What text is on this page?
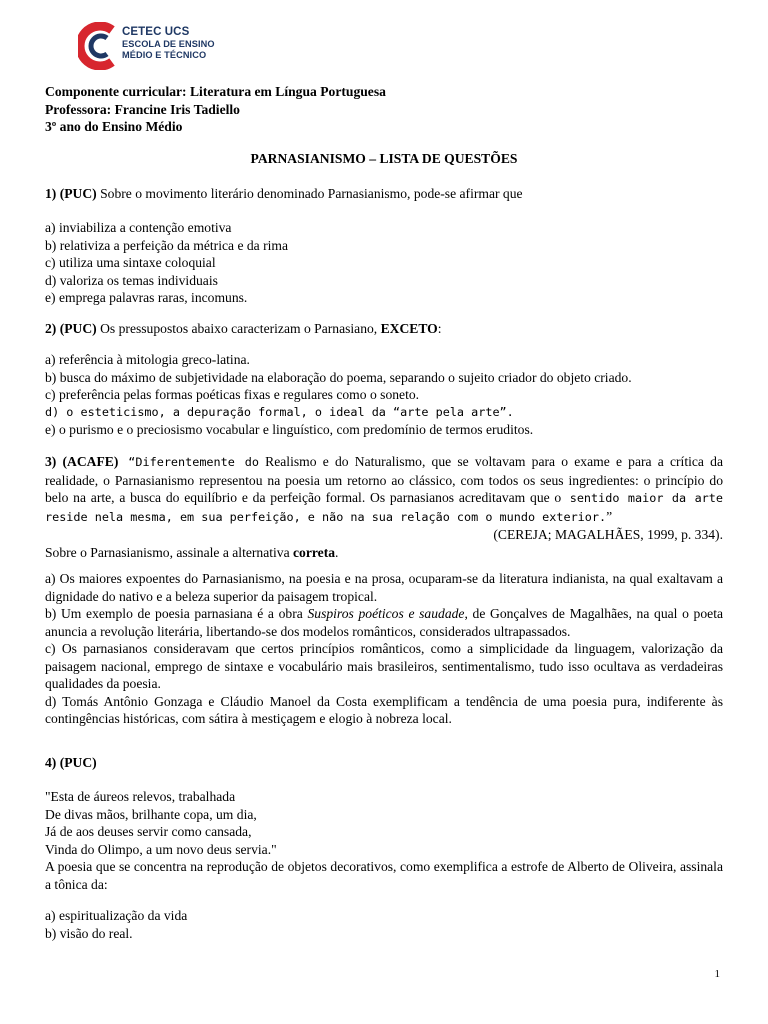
CETEC UCS
ESCOLA DE ENSINO
MÉDIO E TÉCNICO

Componente curricular: Literatura em Língua Portuguesa

Professora: Francine Iris Tadiello

3º ano do Ensino Médio

PARNASIANISMO – LISTA DE QUESTÕES

1) (PUC) Sobre o movimento literário denominado Parnasianismo, pode-se afirmar que

a) inviabiliza a contenção emotiva

b) relativiza a perfeição da métrica e da rima

c) utiliza uma sintaxe coloquial

d) valoriza os temas individuais

e) emprega palavras raras, incomuns.

2) (PUC) Os pressupostos abaixo caracterizam o Parnasiano, EXCETO:

a) referência à mitologia greco-latina.

b) busca do máximo de subjetividade na elaboração do poema, separando o sujeito criador do objeto criado.

c) preferência pelas formas poéticas fixas e regulares como o soneto.

d) o esteticismo, a depuração formal, o ideal da “arte pela arte”.

e) o purismo e o preciosismo vocabular e linguístico, com predomínio de termos eruditos.

3) (ACAFE) “Diferentemente do Realismo e do Naturalismo, que se voltavam para o exame e para a crítica da realidade, o Parnasianismo representou na poesia um retorno ao clássico, com todos os seus ingredientes: o princípio do belo na arte, a busca do equilíbrio e da perfeição formal. Os parnasianos acreditavam que o sentido maior da arte reside nela mesma, em sua perfeição, e não na sua relação com o mundo exterior.”

(CEREJA; MAGALHÃES, 1999, p. 334).

Sobre o Parnasianismo, assinale a alternativa correta.

a) Os maiores expoentes do Parnasianismo, na poesia e na prosa, ocuparam-se da literatura indianista, na qual exaltavam a dignidade do nativo e a beleza superior da paisagem tropical.

b) Um exemplo de poesia parnasiana é a obra Suspiros poéticos e saudade, de Gonçalves de Magalhães, na qual o poeta anuncia a revolução literária, libertando-se dos modelos românticos, considerados ultrapassados.

c) Os parnasianos consideravam que certos princípios românticos, como a simplicidade da linguagem, valorização da paisagem nacional, emprego de sintaxe e vocabulário mais brasileiros, sentimentalismo, tudo isso ocultava as verdadeiras qualidades da poesia.

d) Tomás Antônio Gonzaga e Cláudio Manoel da Costa exemplificam a tendência de uma poesia pura, indiferente às contingências históricas, com sátira à mestiçagem e elogio à nobreza local.

4) (PUC)

"Esta de áureos relevos, trabalhada

De divas mãos, brilhante copa, um dia,

Já de aos deuses servir como cansada,

Vinda do Olimpo, a um novo deus servia."

A poesia que se concentra na reprodução de objetos decorativos, como exemplifica a estrofe de Alberto de Oliveira, assinala a tônica da:

a) espiritualização da vida

b) visão do real.

1
